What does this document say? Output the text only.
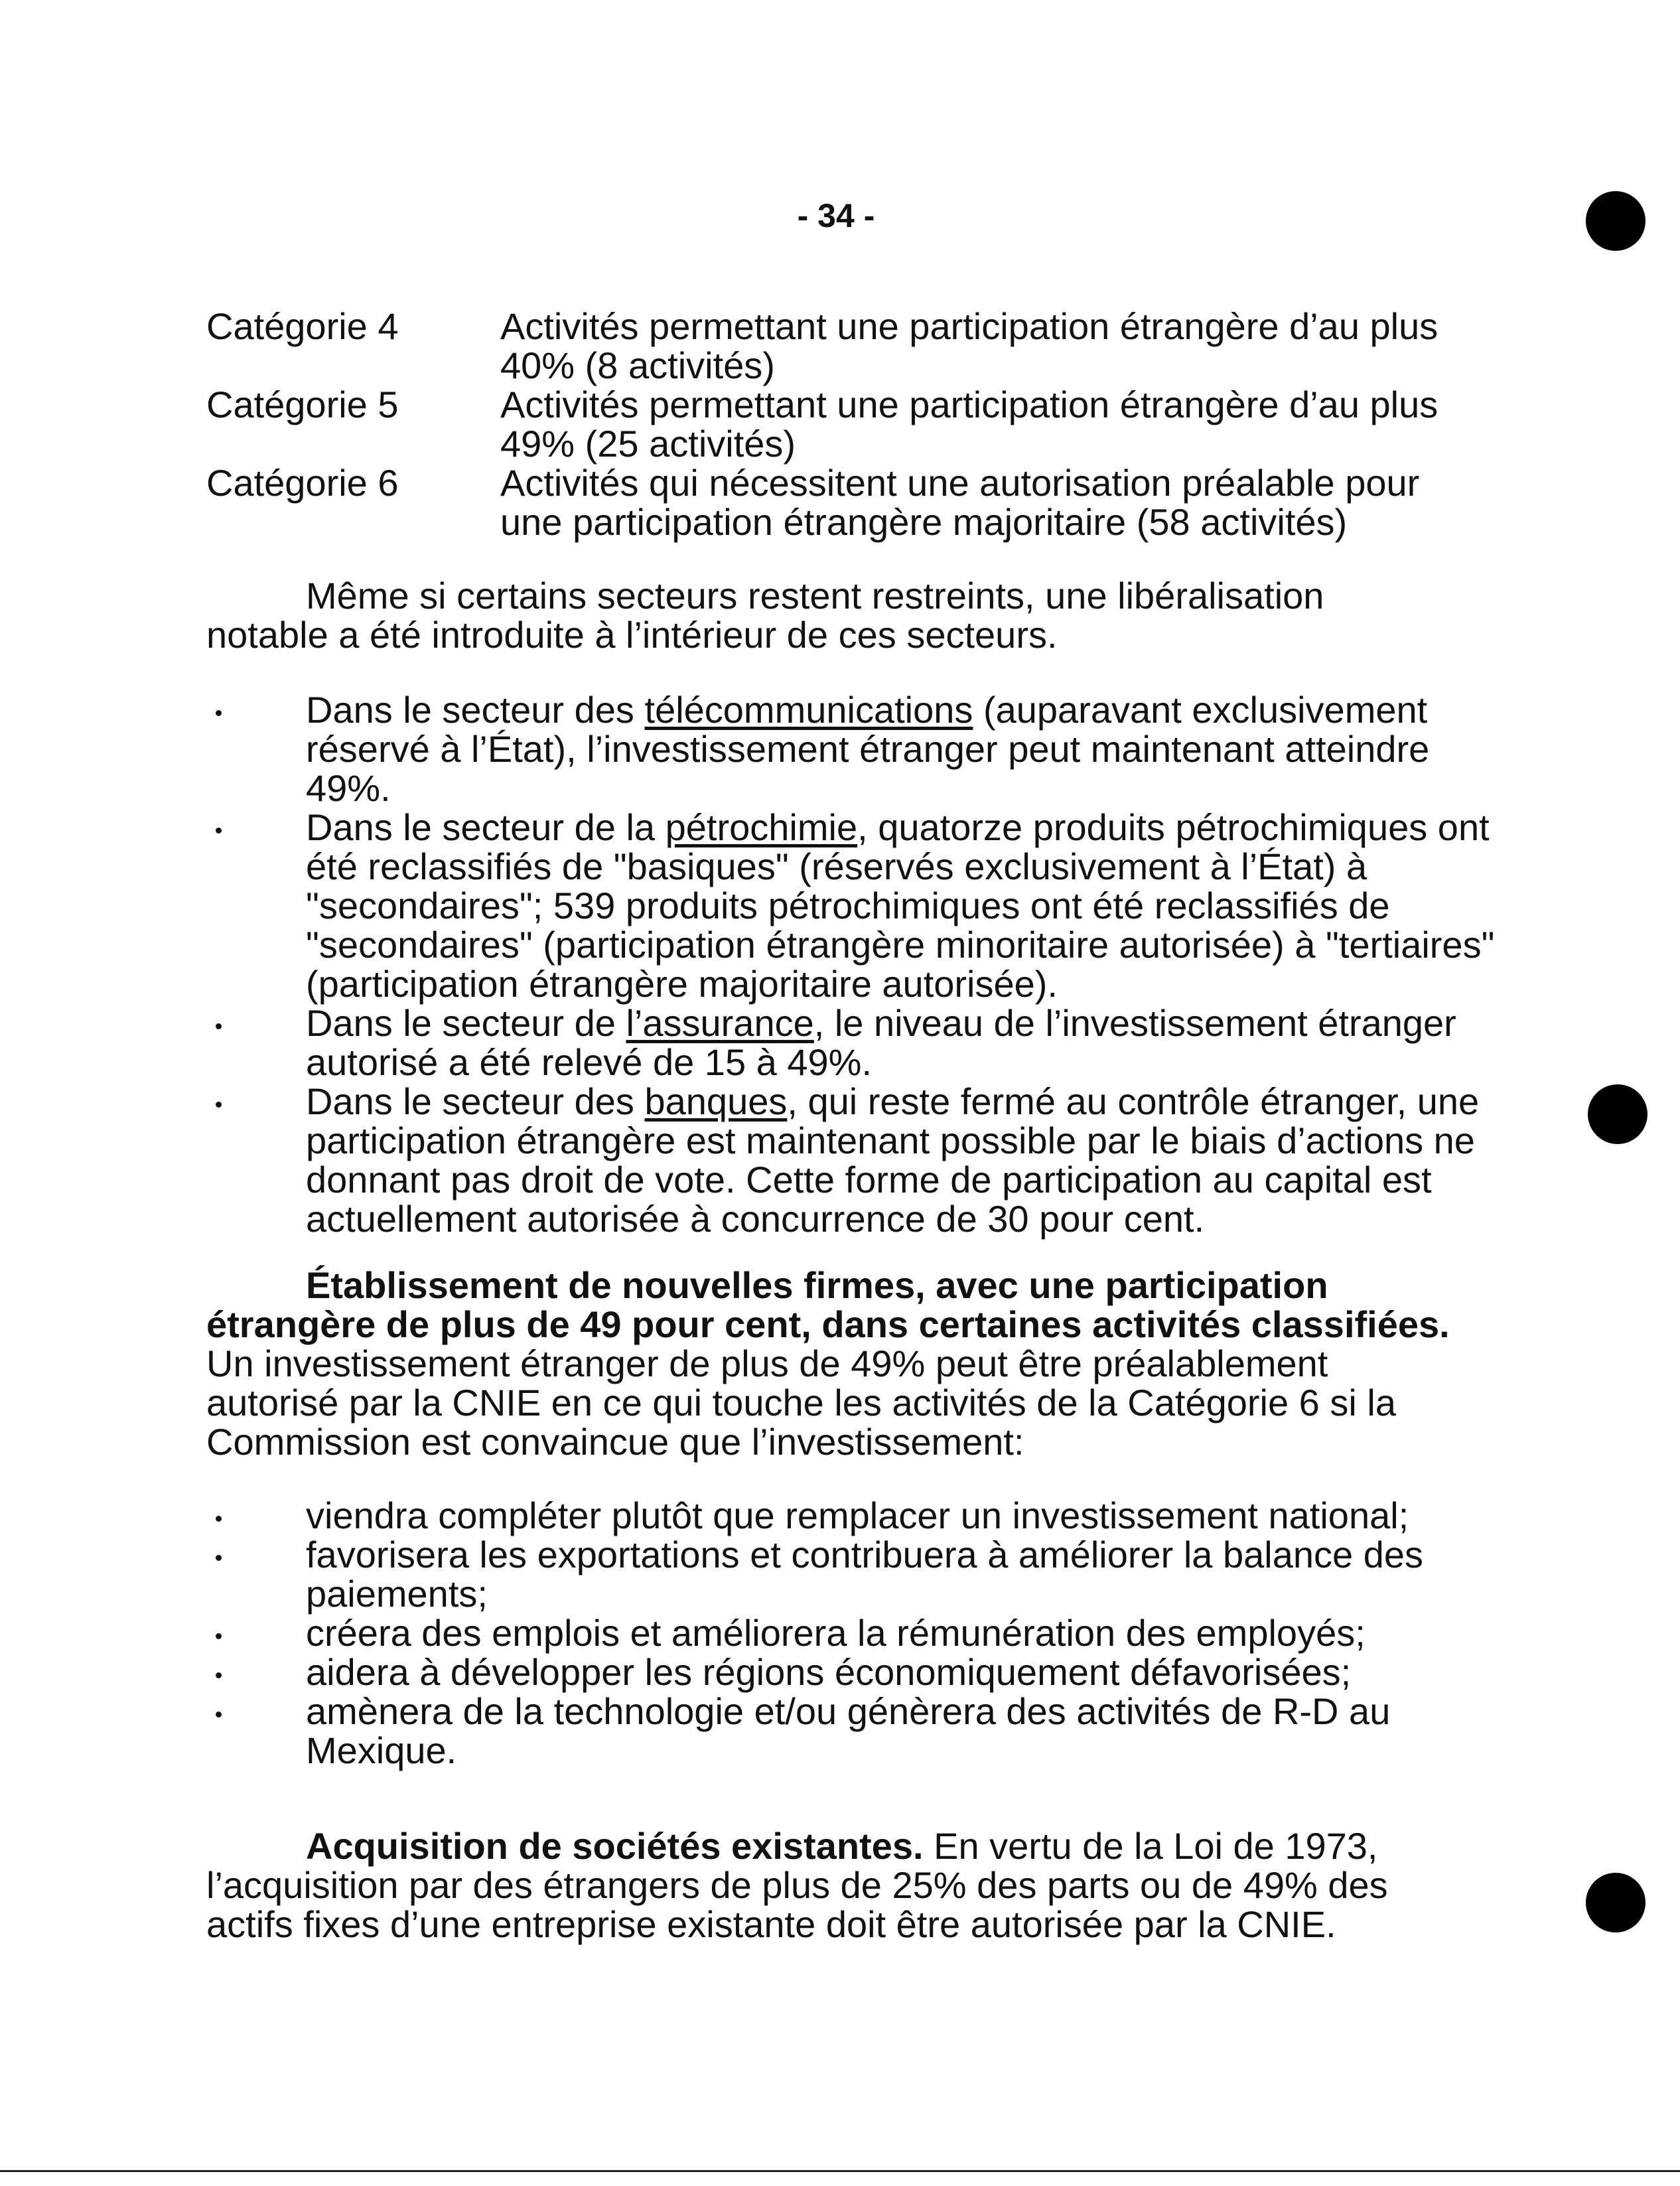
- 34 -
Catégorie 4	Activités permettant une participation étrangère d’au plus
40% (8 activités)
Catégorie 5	Activités permettant une participation étrangère d’au plus
49% (25 activités)
Catégorie 6	Activités qui nécessitent une autorisation préalable pour
une participation étrangère majoritaire (58 activités)
Même si certains secteurs restent restreints, une libéralisation
notable a été introduite à l’intérieur de ces secteurs.
Dans le secteur des télécommunications (auparavant exclusivement réservé à l’État), l’investissement étranger peut maintenant atteindre 49%.
Dans le secteur de la pétrochimie, quatorze produits pétrochimiques ont été reclassifiés de "basiques" (réservés exclusivement à l’État) à "secondaires"; 539 produits pétrochimiques ont été reclassifiés de "secondaires" (participation étrangère minoritaire autorisée) à "tertiaires" (participation étrangère majoritaire autorisée).
Dans le secteur de l’assurance, le niveau de l’investissement étranger autorisé a été relevé de 15 à 49%.
Dans le secteur des banques, qui reste fermé au contrôle étranger, une participation étrangère est maintenant possible par le biais d’actions ne donnant pas droit de vote. Cette forme de participation au capital est actuellement autorisée à concurrence de 30 pour cent.
Établissement de nouvelles firmes, avec une participation étrangère de plus de 49 pour cent, dans certaines activités classifiées. Un investissement étranger de plus de 49% peut être préalablement autorisé par la CNIE en ce qui touche les activités de la Catégorie 6 si la Commission est convaincue que l’investissement:
viendra compléter plutôt que remplacer un investissement national;
favorisera les exportations et contribuera à améliorer la balance des paiements;
créera des emplois et améliorera la rémunération des employés;
aidera à développer les régions économiquement défavorisées;
amènera de la technologie et/ou génèrera des activités de R-D au Mexique.
Acquisition de sociétés existantes. En vertu de la Loi de 1973, l’acquisition par des étrangers de plus de 25% des parts ou de 49% des actifs fixes d’une entreprise existante doit être autorisée par la CNIE.
